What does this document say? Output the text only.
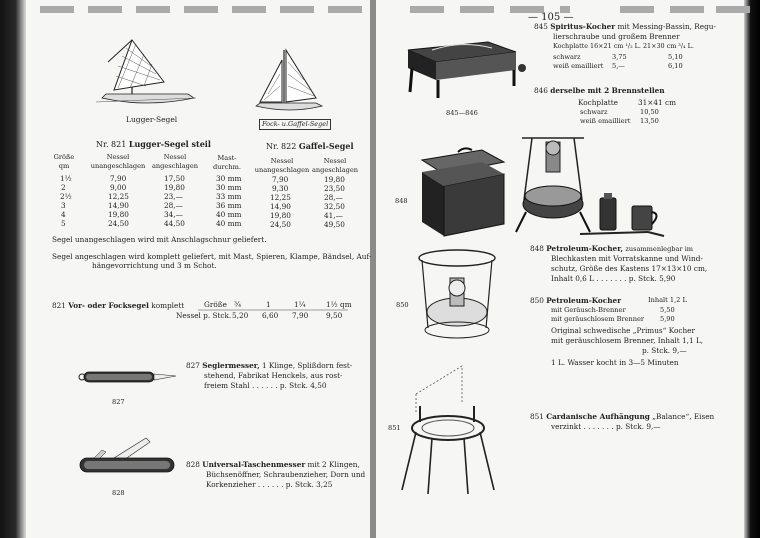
— 105 —
Lugger-Segel	Fock- u.Gaffel-Segel
Nr. 821 Lugger-Segel steil
Größe qm
Nessel unangeschlagen
Nessel angeschlagen
Mast-durchm.
1½	7,90	17,50	30 mm
2	9,00	19,80	30 mm
2½	12,25	23,—	33 mm
3	14,90	28,—	36 mm
4	19,80	34,—	40 mm
5	24,50	44,50	40 mm
Nr. 822 Gaffel-Segel
Nessel unangeschlagen
Nessel angeschlagen
7,90	19,80
9,30	23,50
12,25	28,—
14,90	32,50
19,80	41,—
24,50	49,50
Segel unangeschlagen wird mit Anschlagschnur geliefert.
Segel angeschlagen wird komplett geliefert, mit Mast, Spieren, Klampe, Bändsel, Auf-
hängevorrichtung und 3 m Schot.
821 Vor- oder Focksegel komplett	Größe ¾	1	1¼	1½ qm
Nessel p. Stck. 5,20 6,60 7,90 9,50
827
827 Seglermesser, 1 Klinge, Splißdorn fest-
stehend, Fabrikat Henckels, aus rost-
freiem Stahl . . . . . . p. Stck. 4,50
828
828 Universal-Taschenmesser mit 2 Klingen,
Büchsenöffner, Schraubenzieher, Dorn und
Korkenzieher . . . . . . p. Stck. 3,25
845—846
845 Spiritus-Kocher mit Messing-Bassin, Regu-
lierschraube und großem Brenner
Kochplatte 16×21 cm ¹/₂ L. 21×30 cm ³/₄ L.
schwarz	3,75	5,10
weiß emailliert 5,—	6,10
846 derselbe mit 2 Brennstellen
Kochplatte	31×41 cm
schwarz	10,50
weiß emailliert 13,50
848
848 Petroleum-Kocher, zusammenlegbar im
Blechkasten mit Vorratskanne und Wind-
schutz, Größe des Kastens 17×13×10 cm,
Inhalt 0,6 L . . . . . . . p. Stck. 5,90
850	850 Petroleum-Kocher	Inhalt 1,2 L
mit Geräusch-Brenner	5,50
mit geräuschlosem Brenner 5,90
Original schwedische „Primus“ Kocher
mit geräuschlosem Brenner, Inhalt 1,1 L,
p. Stck. 9,—
1 L. Wasser kocht in 3—5 Minuten
851
851 Cardanische Aufhängung „Balance“, Eisen
verzinkt . . . . . . . p. Stck. 9,—
